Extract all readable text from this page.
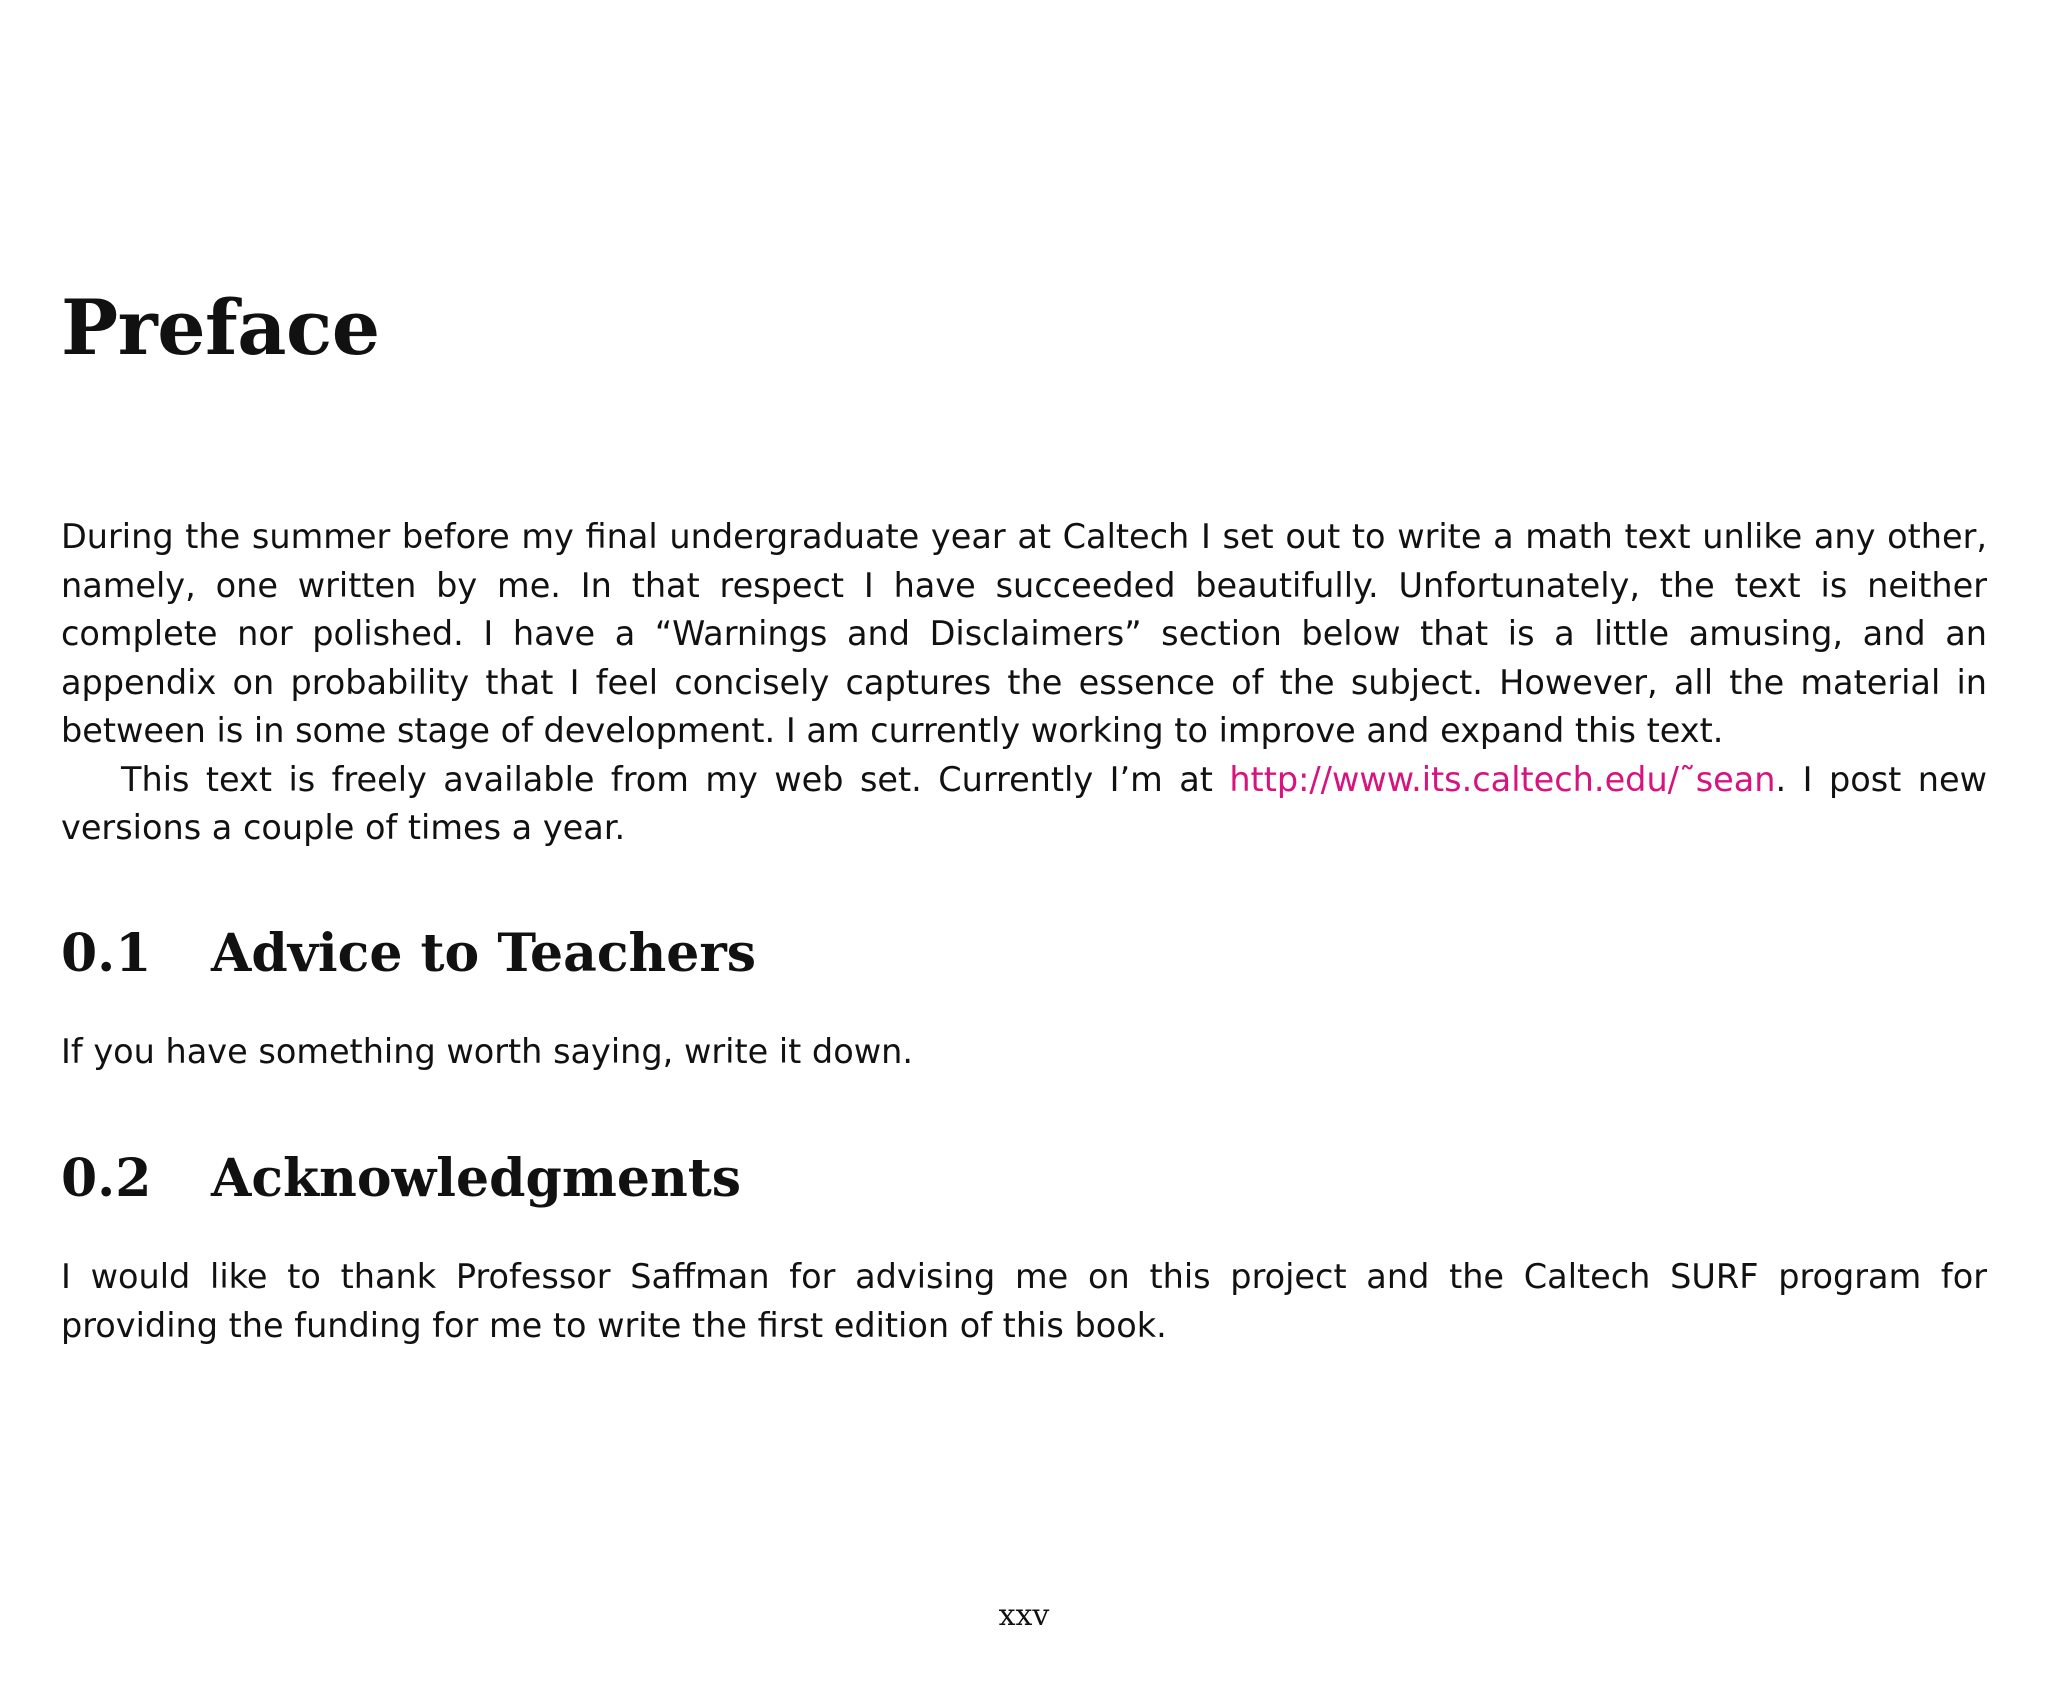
Preface

During the summer before my final undergraduate year at Caltech I set out to write a math text unlike any other, namely, one written by me. In that respect I have succeeded beautifully. Unfortunately, the text is neither complete nor polished. I have a “Warnings and Disclaimers” section below that is a little amusing, and an appendix on probability that I feel concisely captures the essence of the subject. However, all the material in between is in some stage of development. I am currently working to improve and expand this text.

This text is freely available from my web set. Currently I’m at http://www.its.caltech.edu/˜sean. I post new versions a couple of times a year.

0.1 Advice to Teachers

If you have something worth saying, write it down.

0.2 Acknowledgments

I would like to thank Professor Saffman for advising me on this project and the Caltech SURF program for providing the funding for me to write the first edition of this book.

xxv
